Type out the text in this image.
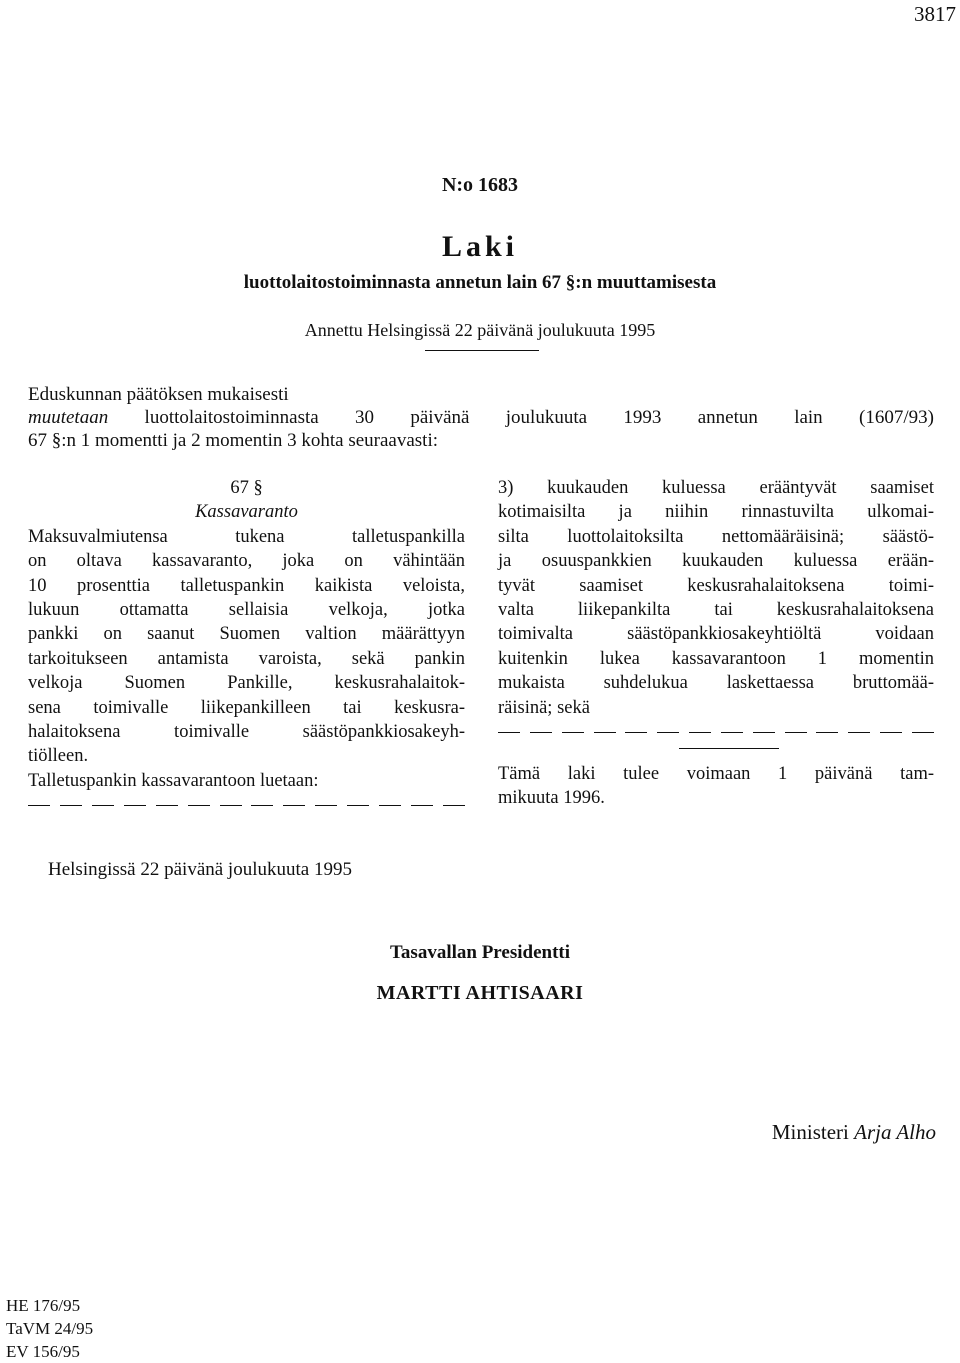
3817
N:o 1683
Laki
luottolaitostoiminnasta annetun lain 67 §:n muuttamisesta
Annettu Helsingissä 22 päivänä joulukuuta 1995
Eduskunnan päätöksen mukaisesti
muutetaan luottolaitostoiminnasta 30 päivänä joulukuuta 1993 annetun lain (1607/93)
67 §:n 1 momentti ja 2 momentin 3 kohta seuraavasti:

67 §

Kassavaranto

Maksuvalmiutensa tukena talletuspankilla

on oltava kassavaranto, joka on vähintään

10 prosenttia talletuspankin kaikista veloista,

lukuun ottamatta sellaisia velkoja, jotka

pankki on saanut Suomen valtion määrättyyn

tarkoitukseen antamista varoista, sekä pankin

velkoja Suomen Pankille, keskusrahalaitok-

sena toimivalle liikepankilleen tai keskusra-

halaitoksena toimivalle säästöpankkiosakeyh-

tiölleen.

Talletuspankin kassavarantoon luetaan:

3) kuukauden kuluessa erääntyvät saamiset

kotimaisilta ja niihin rinnastuvilta ulkomai-

silta luottolaitoksilta nettomääräisinä; säästö-

ja osuuspankkien kuukauden kuluessa erään-

tyvät saamiset keskusrahalaitoksena toimi-

valta liikepankilta tai keskusrahalaitoksena

toimivalta säästöpankkiosakeyhtiöltä voidaan

kuitenkin lukea kassavarantoon 1 momentin

mukaista suhdelukua laskettaessa bruttomää-

räisinä; sekä

Tämä laki tulee voimaan 1 päivänä tam-

mikuuta 1996.

Helsingissä 22 päivänä joulukuuta 1995
Tasavallan Presidentti
MARTTI AHTISAARI
Ministeri Arja Alho
HE 176/95
TaVM 24/95
EV 156/95
